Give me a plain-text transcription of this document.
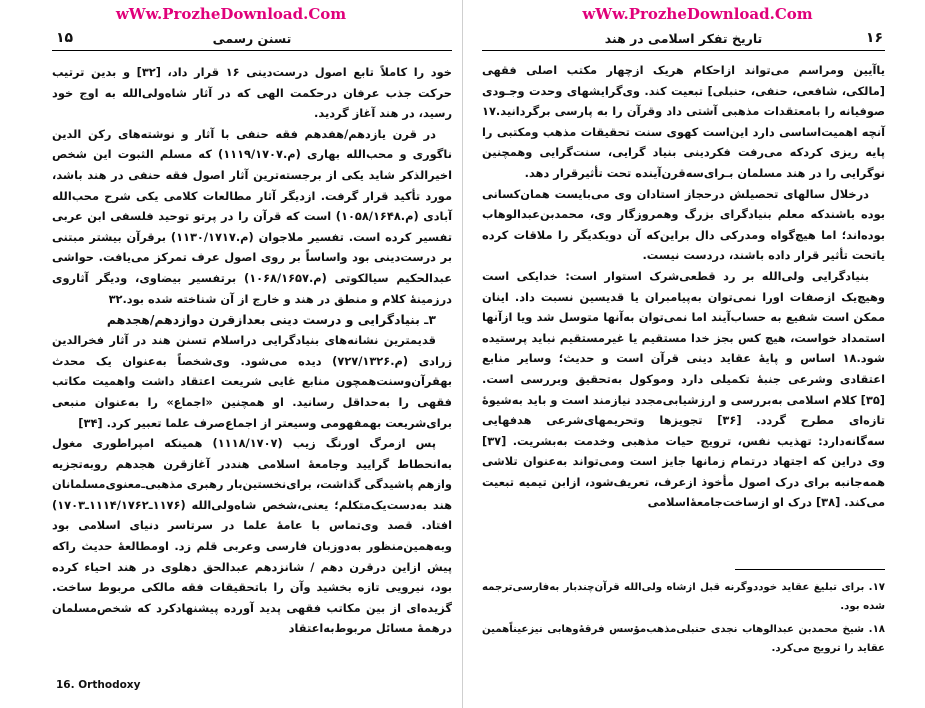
wWw.ProzheDownload.Com
۱۵	تسنن رسمی

خود را کاملاً تابع اصول درست‌دینی ۱۶ قرار داد، [۳۲] و بدین ترتیب حرکت جذب عرفان درحکمت الهی که در آثار شاه‌ولی‌الله به اوج خود رسید، در هند آغاز گردید.

در قرن یازدهم/هفدهم فقه حنفی با آثار و نوشته‌های رکن الدین ناگوری و محب‌الله بهاری (م.۱۱۱۹/۱۷۰۷) که مسلم الثبوت این شخص اخیرالذکر شاید یکی از برجسته‌ترین آثار اصول فقه حنفی در هند باشد، مورد تأکید قرار گرفت. ازدیگر آثار مطالعات کلامی یکی شرح محب‌الله آبادی (م.۱۰۵۸/۱۶۴۸) است که قرآن را در پرتو توحید فلسفی ابن عربی تفسیر کرده است. تفسیر ملاجوان (م.۱۱۳۰/۱۷۱۷) برقرآن بیشتر مبتنی بر درست‌دینی بود واساساً بر روی اصول عرف تمرکز می‌یافت. حواشی عبدالحکیم سیالکوتی (م.۱۰۶۸/۱۶۵۷) برتفسیر بیضاوی، ودیگر آثاروی درزمینهٔ کلام و منطق در هند و خارج از آن شناخته شده بود.۳۲

۳ـ بنیادگرایی و درست دینی بعدازقرن دوازدهم/هجدهم

قدیمترین نشانه‌های بنیادگرایی دراسلام تسنن هند در آثار فخرالدین زرادی (م.۷۲۷/۱۳۲۶) دیده می‌شود. وی‌شخصاً به‌عنوان یک محدث بهقرآن‌وسنت‌همچون منابع غایی شریعت اعتقاد داشت واهمیت مکاتب فقهی را به‌حداقل رسانید. او همچنین «اجماع» را به‌عنوان منبعی برای‌شریعت بهمفهومی وسیعتر از اجماع‌صرف علما تعبیر کرد. [۳۴]

پس ازمرگ اورنگ زیب (۱۱۱۸/۱۷۰۷) همینکه امپراطوری مغول به‌انحطاط گرایید وجامعهٔ اسلامی هنددر آغازقرن هجدهم روبه‌تجزیه وازهم پاشیدگی گذاشت، برای‌نخستین‌بار رهبری مذهبی‌ـ‌معنوی‌مسلمانان هند به‌دست‌یک‌متکلم؛ یعنی،شخص شاه‌ولی‌الله (۱۱۷۶ـ۱۱۱۴/۱۷۶۲ـ۱۷۰۳) افتاد. قصد وی‌تماس با عامهٔ علما در سرتاسر دنیای اسلامی بود وبه‌همین‌منظور به‌دوزبان فارسی وعربی قلم زد. اومطالعهٔ حدیث راکه پیش ازاین درقرن دهم / شانزدهم عبدالحق دهلوی در هند احیاء کرده بود، نیرویی تازه بخشید وآن را باتحقیقات فقه مالکی مربوط ساخت. گزیده‌ای از بین مکاتب فقهی پدید آورده پیشنهادکرد که شخص‌مسلمان درهمهٔ مسائل مربوط‌به‌اعتقاد

16. Orthodoxy
wWw.ProzheDownload.Com
۱۶
تاریخ تفکر اسلامی در هند

یاآیین ومراسم می‌تواند ازاحکام هریک ازچهار مکتب اصلی فقهی [مالکی، شافعی، حنفی، حنبلی] تبعیت کند. وی‌گرایشهای وحدت وجـودی صوفیانه را بامعتقدات مذهبی آشتی داد وقرآن را به پارسی برگردانید.۱۷ آنچه اهمیت‌اساسی دارد این‌است کهوی سنت تحقیقات مذهب ومکتبی را پایه ریزی کردکه می‌رفت فکردینی بنیاد گرایی، سنت‌گرایی وهمچنین نوگرایی را در هند مسلمان بـرای‌سه‌قرن‌آینده تحت تأثیرقرار دهد.

درخلال سالهای تحصیلش درحجاز استادان وی می‌بایست همان‌کسانی بوده باشندکه معلم بنیادگرای بزرگ وهمروزگار وی، محمدبن‌عبدالوهاب بوده‌اند؛ اما هیچ‌گواه ومدرکی دال براین‌که آن دویکدیگر را ملاقات کرده یاتحت تأثیر قرار داده باشند، دردست نیست.

بنیادگرایی ولی‌الله بر رد قطعی‌شرک استوار است: خدایکی است وهیچ‌یک ازصفات اورا نمی‌توان به‌پیامبران یا قدیسین نسبت داد. اینان ممکن است شفیع به حساب‌آیند اما نمی‌توان به‌آنها متوسل شد ویا ازآنها استمداد خواست، هیچ کس بجز خدا مستقیم یا غیرمستقیم نباید پرستیده شود.۱۸ اساس و پایهٔ عقاید دینی قرآن است و حدیث؛ وسایر منابع اعتقادی وشرعی جنبهٔ تکمیلی دارد وموکول به‌تحقیق وبررسی است. [۳۵] کلام اسلامی به‌بررسی و ارزشیابی‌مجدد نیازمند است و باید به‌شیوهٔ تازه‌ای مطرح گردد. [۳۶] تجویزها وتحریمهای‌شرعی هدفهایی سه‌گانه‌دارد: تهذیب نفس، ترویج حیات مذهبی وخدمت به‌بشریت. [۳۷] وی دراین که اجتهاد درتمام زمانها جایز است ومی‌تواند به‌عنوان تلاشی همه‌جانبه برای درک اصول مأخوذ ازعرف، تعریف‌شود، ازابن تیمیه تبعیت می‌کند. [۳۸] درک او ازساخت‌جامعهٔ‌اسلامی

۱۷. برای تبلیغ عقاید خوددوگرنه قبل ازشاه ولی‌الله قرآن‌چندبار به‌فارسی‌ترجمه شده بود.

۱۸. شیخ محمدبن عبدالوهاب نجدی حنبلی‌مذهب‌مؤسس فرقهٔ‌وهابی نیزعیناًهمین عقاید را ترویج می‌کرد.
